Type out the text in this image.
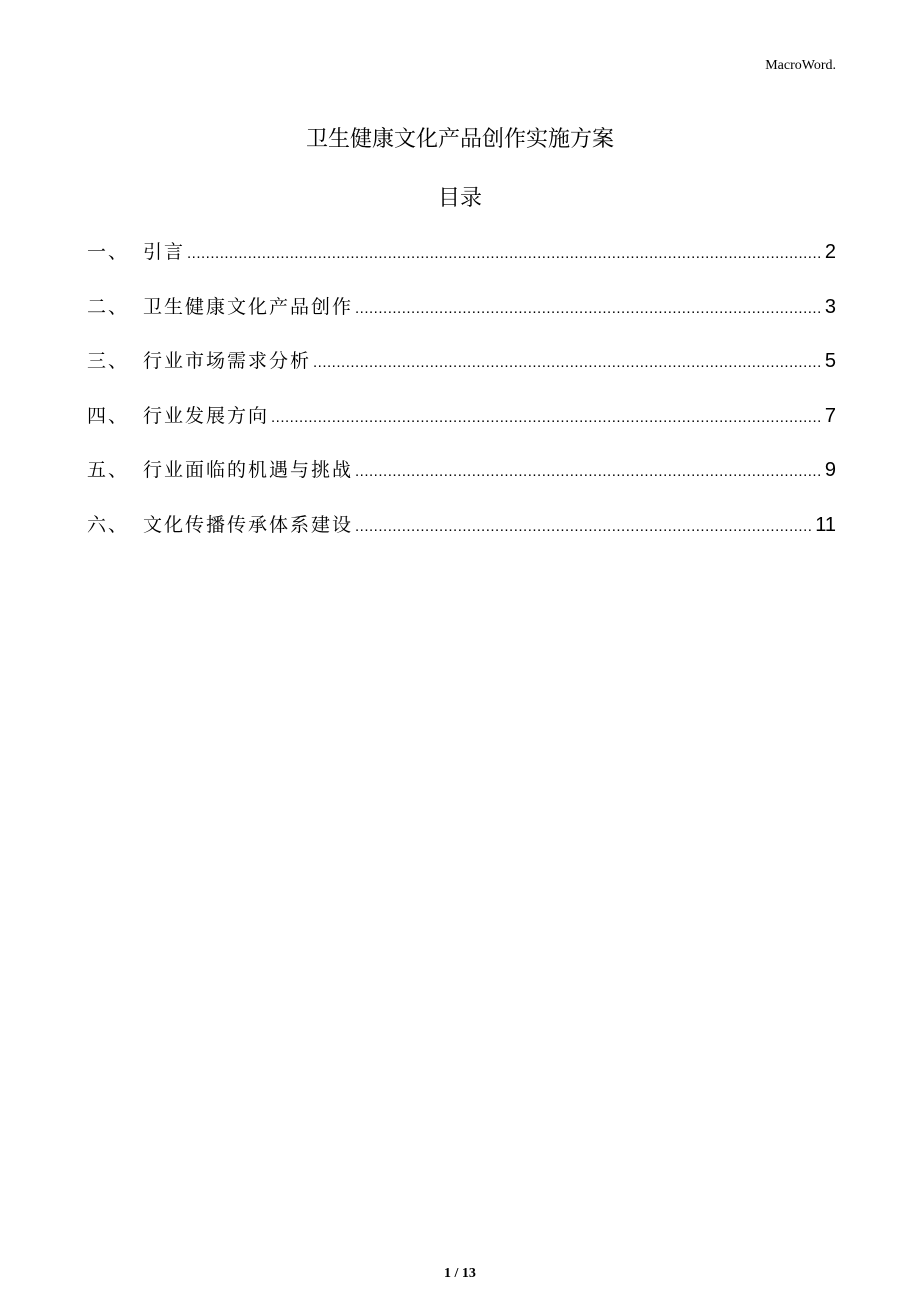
MacroWord.
卫生健康文化产品创作实施方案
目录
一、 引言 .....	2
二、 卫生健康文化产品创作 .....	3
三、 行业市场需求分析 .....	5
四、 行业发展方向 .....	7
五、 行业面临的机遇与挑战 .....	9
六、 文化传播传承体系建设 .....	11
1 / 13
